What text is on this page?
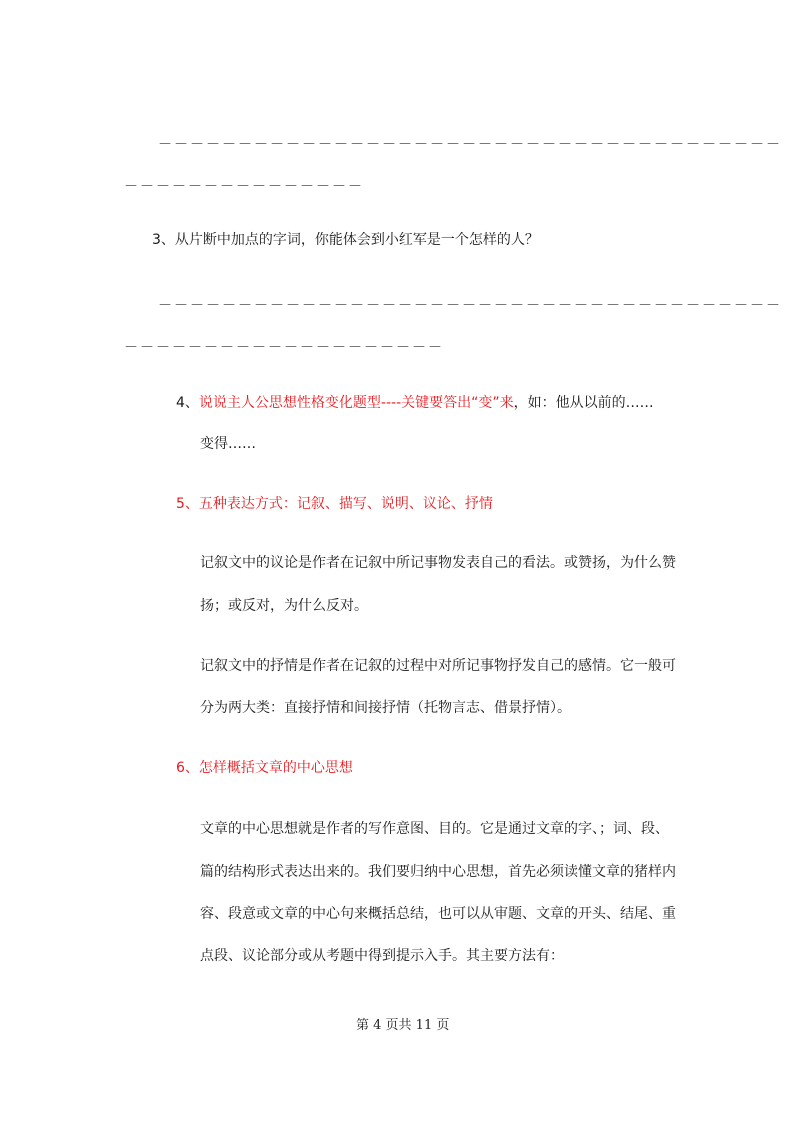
－－－－－－－－－－－－－－－－－－－－－－－－－－－－－－－－－－－－－－－
－－－－－－－－－－－－－－－
3、从片断中加点的字词，你能体会到小红军是一个怎样的人？
－－－－－－－－－－－－－－－－－－－－－－－－－－－－－－－－－－－－－－－
－－－－－－－－－－－－－－－－－－－－
4、说说主人公思想性格变化题型----关键要答出“变”来，如：他从以前的……
变得……
5、五种表达方式：记叙、描写、说明、议论、抒情
记叙文中的议论是作者在记叙中所记事物发表自己的看法。或赞扬，为什么赞
扬；或反对，为什么反对。
记叙文中的抒情是作者在记叙的过程中对所记事物抒发自己的感情。它一般可
分为两大类：直接抒情和间接抒情（托物言志、借景抒情）。
6、怎样概括文章的中心思想
文章的中心思想就是作者的写作意图、目的。它是通过文章的字、；词、段、
篇的结构形式表达出来的。我们要归纳中心思想，首先必须读懂文章的猪样内
容、段意或文章的中心句来概括总结，也可以从审题、文章的开头、结尾、重
点段、议论部分或从考题中得到提示入手。其主要方法有：
第 4 页共 11 页
